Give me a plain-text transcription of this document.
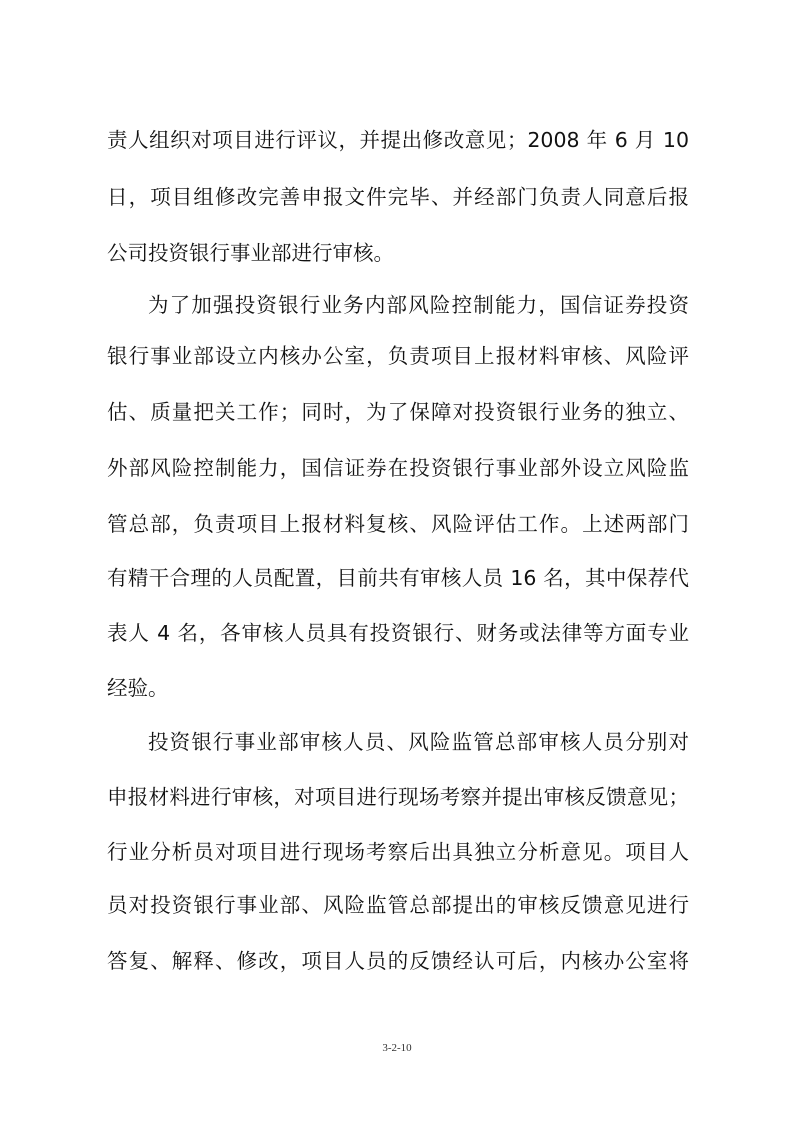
责人组织对项目进行评议，并提出修改意见；2008 年 6 月 10
日，项目组修改完善申报文件完毕、并经部门负责人同意后报
公司投资银行事业部进行审核。
为了加强投资银行业务内部风险控制能力，国信证券投资
银行事业部设立内核办公室，负责项目上报材料审核、风险评
估、质量把关工作；同时，为了保障对投资银行业务的独立、
外部风险控制能力，国信证券在投资银行事业部外设立风险监
管总部，负责项目上报材料复核、风险评估工作。上述两部门
有精干合理的人员配置，目前共有审核人员 16 名，其中保荐代
表人 4 名，各审核人员具有投资银行、财务或法律等方面专业
经验。
投资银行事业部审核人员、风险监管总部审核人员分别对
申报材料进行审核，对项目进行现场考察并提出审核反馈意见；
行业分析员对项目进行现场考察后出具独立分析意见。项目人
员对投资银行事业部、风险监管总部提出的审核反馈意见进行
答复、解释、修改，项目人员的反馈经认可后，内核办公室将
3-2-10
